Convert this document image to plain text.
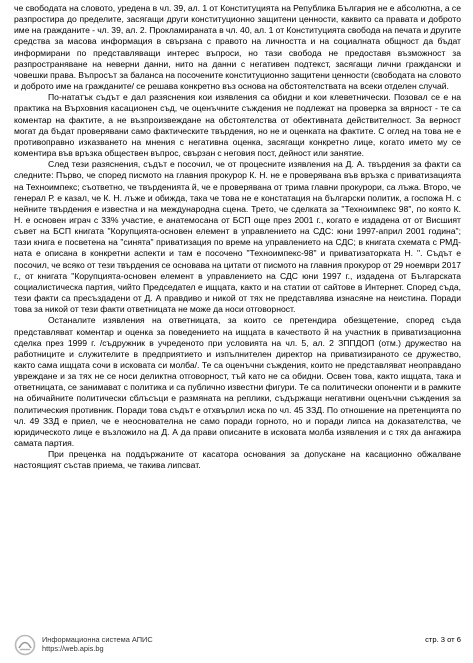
че свободата на словото, уредена в чл. 39, ал. 1 от Конституцията на Република България не е абсолютна, а се разпростира до пределите, засягащи други конституционно защитени ценности, каквито са правата и доброто име на гражданите - чл. 39, ал. 2. Прокламираната в чл. 40, ал. 1 от Конституцията свобода на печата и другите средства за масова информация в свързана с правото на личността и на социалната общност да бъдат информирани по представляващи интерес въпроси, но тази свобода не предоставя възможност за разпространяване на неверни данни, нито на данни с негативен подтекст, засягащи лични граждански и човешки права. Въпросът за баланса на посочените конституционно защитени ценности (свободата на словото и доброто име на гражданите/ се решава конкретно въз основа на обстоятелствата на всеки отделен случай.

По-нататък съдът е дал разяснения кои изявления са обидни и кои клеветнически. Позовал се е на практика на Върховния касационен съд, че оценъчните съждения не подлежат на проверка за вярност - те са коментар на фактите, а не възпроизвеждане на обстоятелства от обективната действителност. За верност могат да бъдат проверявани само фактическите твърдения, но не и оценката на фактите. С оглед на това не е противоправно изказването на мнения с негативна оценка, засягащи конкретно лице, когато името му се коментира във връзка обществен въпрос, свързан с неговия пост, дейност или занятие.

След тези разяснения, съдът е посочил, че от процесните изявления на Д. А. твърдения за факти са следните: Първо, че според писмото на главния прокурор К. Н. не е проверявана във връзка с приватизацията на Техноимпекс; съответно, че твърденията й, че е проверявана от трима главни прокурори, са лъжа. Второ, че генерал Р. е казал, че К. Н. лъже и обижда, така че това не е констатация на български политик, а госпожа Н. с нейните твърдения е известна и на международна сцена. Трето, че сделката за "Техноимпекс 98", по която К. Н. е основен играч с 33% участие, е анатемосана от БСП още през 2001 г., когато е издадена от от Висшият съвет на БСП книгата "Корупцията-основен елемент в управлението на СДС: юни 1997-април 2001 година"; тази книга е посветена на "синята" приватизация по време на управлението на СДС; в книгата схемата с РМД-ната е описана в конкретни аспекти и там е посочено "Техноимпекс-98" и приватизаторката Н. ". Съдът е посочил, че всяко от тези твърдения се основава на цитати от писмото на главния прокурор от 29 ноември 2017 г., от книгата "Корупцията-основен елемент в управлението на СДС юни 1997 г., издадена от Българската социалистическа партия, чийто Председател е ищцата, както и на статии от сайтове в Интернет. Според съда, тези факти са пресъздадени от Д. А правдиво и никой от тях не представлява изнасяне на неистина. Поради това за никой от тези факти ответницата не може да носи отговорност.

Останалите изявления на ответницата, за които се претендира обезщетение, според съда представляват коментар и оценка за поведението на ищцата в качеството й на участник в приватизационна сделка през 1999 г. /съдружник в учреденото при условията на чл. 5, ал. 2 ЗППДОП (отм.) дружество на работниците и служителите в предприятието и изпълнителен директор на приватизираното се дружество, както сама ищцата сочи в исковата си молба/. Те са оценъчни съждения, които не представляват неоправдано увреждане и за тях не се носи деликтна отговорност, тъй като не са обидни. Освен това, както ищцата, така и ответницата, се занимават с политика и са публично известни фигури. Те са политически опоненти и в рамките на обичайните политически сблъсъци е размяната на реплики, съдържащи негативни оценъчни съждения за политическия противник. Поради това съдът е отхвърлил иска по чл. 45 ЗЗД. По отношение на претенцията по чл. 49 ЗЗД е приел, че е неоснователна не само поради горното, но и поради липса на доказателства, че юридическото лице е възложило на Д. А да прави описаните в исковата молба изявления и с тях да ангажира самата партия.

При преценка на поддържаните от касатора основания за допускане на касационно обжалване настоящият състав приема, че такива липсват.

Информационна система АПИС
https://web.apis.bg
стр. 3 от 6
